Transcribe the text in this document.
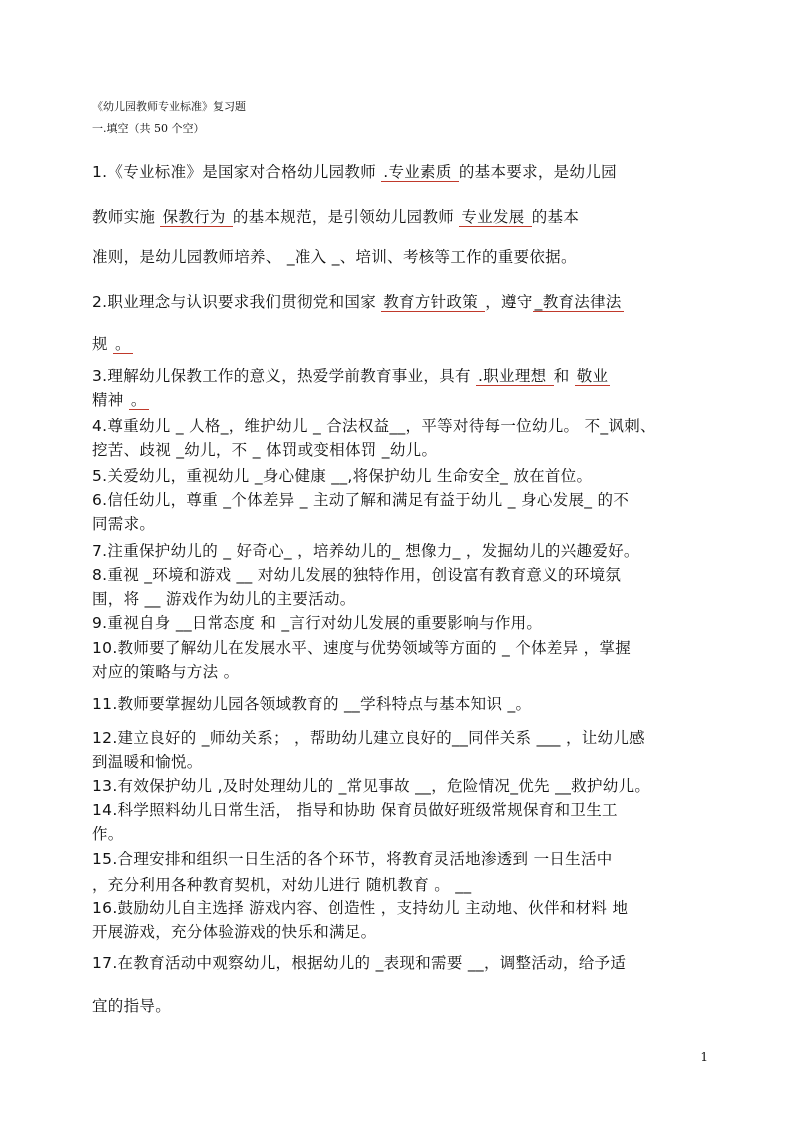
《幼儿园教师专业标准》复习题
一.填空（共 50 个空）
1.《专业标准》是国家对合格幼儿园教师 .专业素质 的基本要求，是幼儿园
教师实施 保教行为 的基本规范，是引领幼儿园教师 专业发展 的基本
准则，是幼儿园教师培养、 _准入 _、培训、考核等工作的重要依据。
2.职业理念与认识要求我们贯彻党和国家 教育方针政策 ，遵守 _教育法律法
规 。
3.理解幼儿保教工作的意义，热爱学前教育事业，具有 .职业理想 和 敬业
精神 。
4.尊重幼儿 _ 人格_，维护幼儿 _ 合法权益__，平等对待每一位幼儿。 不_讽刺、
挖苦、歧视 _幼儿，不 _ 体罚或变相体罚 _幼儿。
5.关爱幼儿，重视幼儿 _身心健康 __,将保护幼儿 生命安全_ 放在首位。
6.信任幼儿，尊重 _个体差异 _ 主动了解和满足有益于幼儿 _ 身心发展_ 的不
同需求。
7.注重保护幼儿的 _ 好奇心_ ，培养幼儿的_ 想像力_ ，发掘幼儿的兴趣爱好。
8.重视 _环境和游戏 __ 对幼儿发展的独特作用，创设富有教育意义的环境氛
围，将 __ 游戏作为幼儿的主要活动。
9.重视自身 __日常态度 和 _言行对幼儿发展的重要影响与作用。
10.教师要了解幼儿在发展水平、速度与优势领域等方面的 _ 个体差异 ，掌握
对应的策略与方法 。
11.教师要掌握幼儿园各领域教育的 __学科特点与基本知识 _。
12.建立良好的 _师幼关系； ，帮助幼儿建立良好的__同伴关系 ___ ，让幼儿感
到温暖和愉悦。
13.有效保护幼儿 ,及时处理幼儿的 _常见事故 __，危险情况_优先 __救护幼儿。
14.科学照料幼儿日常生活， 指导和协助 保育员做好班级常规保育和卫生工
作。
15.合理安排和组织一日生活的各个环节，将教育灵活地渗透到 一日生活中
，充分利用各种教育契机，对幼儿进行 随机教育 。 __
16.鼓励幼儿自主选择 游戏内容、创造性 ，支持幼儿 主动地、伙伴和材料 地
开展游戏，充分体验游戏的快乐和满足。
17.在教育活动中观察幼儿，根据幼儿的 _表现和需要 __，调整活动，给予适
宜的指导。
1
